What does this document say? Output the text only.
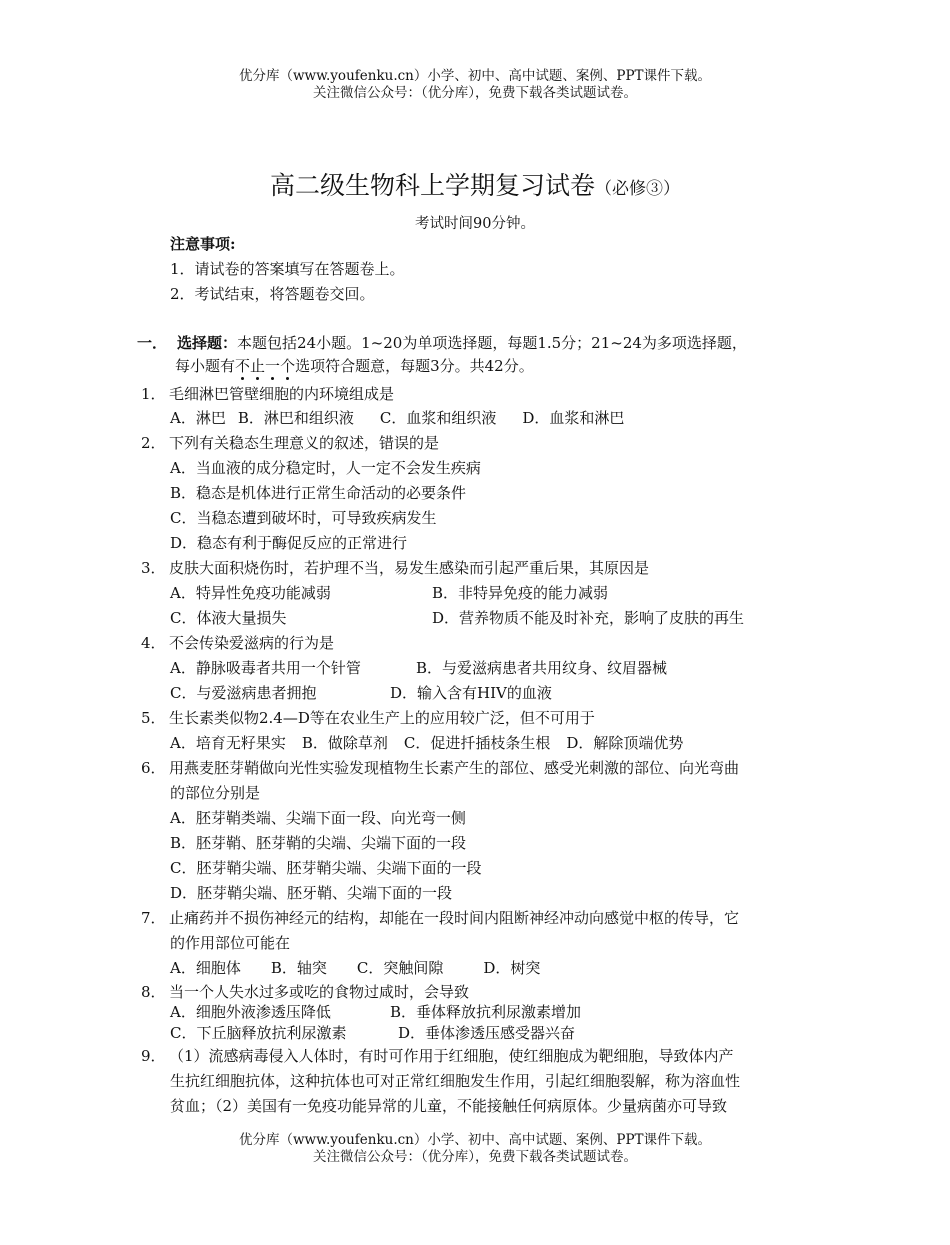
优分库（www.youfenku.cn）小学、初中、高中试题、案例、PPT课件下载。
关注微信公众号：（优分库），免费下载各类试题试卷。
高二级生物科上学期复习试卷（必修③）
考试时间90分钟。
注意事项:
1．请试卷的答案填写在答题卷上。
2．考试结束，将答题卷交回。
一． 选择题：本题包括24小题。1~20为单项选择题，每题1.5分；21~24为多项选择题，
每小题有不止一个选项符合题意，每题3分。共42分。
1． 毛细淋巴管壁细胞的内环境组成是
A．淋巴 B．淋巴和组织液 C．血浆和组织液 D．血浆和淋巴
2． 下列有关稳态生理意义的叙述，错误的是
A．当血液的成分稳定时，人一定不会发生疾病
B．稳态是机体进行正常生命活动的必要条件
C．当稳态遭到破坏时，可导致疾病发生
D．稳态有利于酶促反应的正常进行
3． 皮肤大面积烧伤时，若护理不当，易发生感染而引起严重后果，其原因是
A．特异性免疫功能减弱	B．非特异免疫的能力减弱
C．体液大量损失	D．营养物质不能及时补充，影响了皮肤的再生
4． 不会传染爱滋病的行为是
A．静脉吸毒者共用一个针管	B．与爱滋病患者共用纹身、纹眉器械
C．与爱滋病患者拥抱	D．输入含有HIV的血液
5． 生长素类似物2.4—D等在农业生产上的应用较广泛，但不可用于
A．培育无籽果实 B．做除草剂 C．促进扦插枝条生根 D．解除顶端优势
6． 用燕麦胚芽鞘做向光性实验发现植物生长素产生的部位、感受光刺激的部位、向光弯曲
的部位分别是
A．胚芽鞘类端、尖端下面一段、向光弯一侧
B．胚芽鞘、胚芽鞘的尖端、尖端下面的一段
C．胚芽鞘尖端、胚芽鞘尖端、尖端下面的一段
D．胚芽鞘尖端、胚牙鞘、尖端下面的一段
7． 止痛药并不损伤神经元的结构，却能在一段时间内阻断神经冲动向感觉中枢的传导，它
的作用部位可能在
A．细胞体 B．轴突 C．突触间隙	D．树突
8． 当一个人失水过多或吃的食物过咸时，会导致
A．细胞外液渗透压降低	B．垂体释放抗利尿激素增加
C．下丘脑释放抗利尿激素	D．垂体渗透压感受器兴奋
9． （1）流感病毒侵入人体时，有时可作用于红细胞，使红细胞成为靶细胞，导致体内产
生抗红细胞抗体，这种抗体也可对正常红细胞发生作用，引起红细胞裂解，称为溶血性
贫血；（2）美国有一免疫功能异常的儿童，不能接触任何病原体。少量病菌亦可导致
优分库（www.youfenku.cn）小学、初中、高中试题、案例、PPT课件下载。
关注微信公众号：（优分库），免费下载各类试题试卷。
